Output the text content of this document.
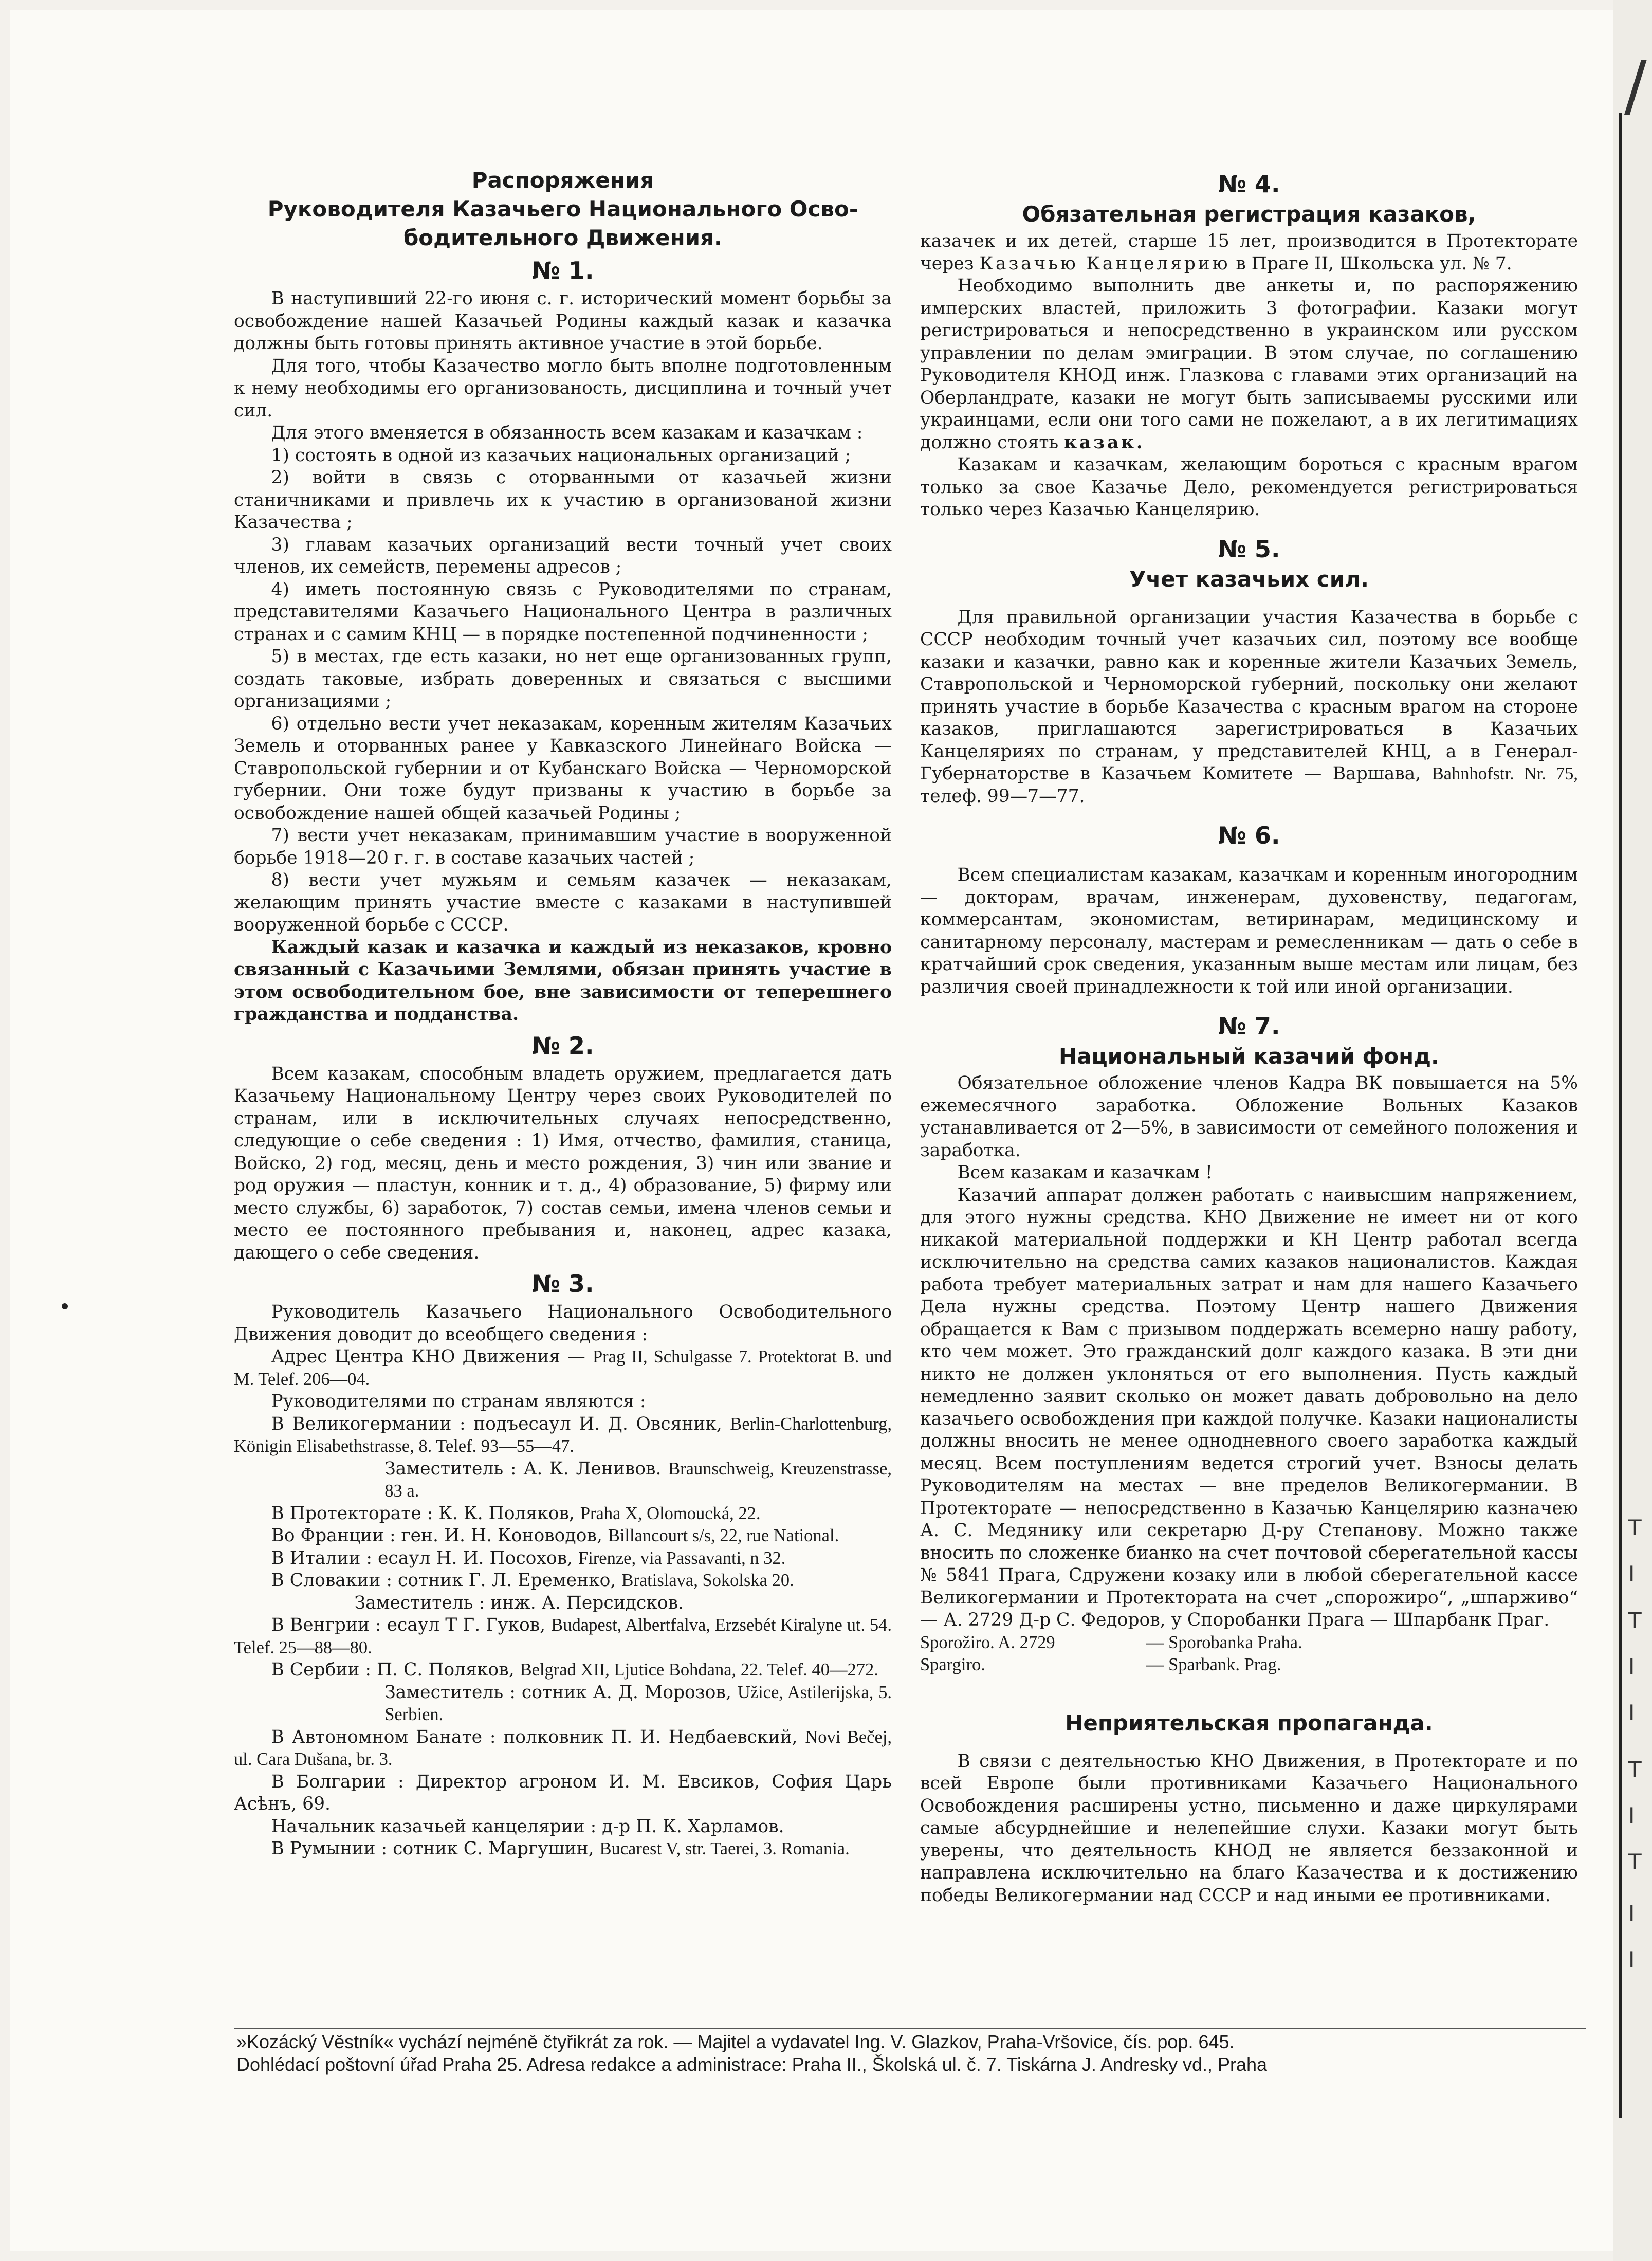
/
T
I
T
I
I
T
I
T
I
I
Распоряжения
Руководителя Казачьего Национального Осво-
бодительного Движения.
№ 1.

В наступивший 22-го июня с. г. исторический момент борьбы за освобождение нашей Казачьей Родины каждый казак и казачка должны быть готовы принять активное участие в этой борьбе.

Для того, чтобы Казачество могло быть вполне подготовленным к нему необходимы его организованость, дисциплина и точный учет сил.

Для этого вменяется в обязанность всем казакам и казачкам :

1) состоять в одной из казачьих национальных организаций ;

2) войти в связь с оторванными от казачьей жизни станичниками и привлечь их к участию в организованой жизни Казачества ;

3) главам казачьих организаций вести точный учет своих членов, их семейств, перемены адресов ;

4) иметь постоянную связь с Руководителями по странам, представителями Казачьего Национального Центра в различных странах и с самим КНЦ — в порядке постепенной подчиненности ;

5) в местах, где есть казаки, но нет еще организованных групп, создать таковые, избрать доверенных и связаться с высшими организациями ;

6) отдельно вести учет неказакам, коренным жителям Казачьих Земель и оторванных ранее у Кавказского Линейнаго Войска — Ставропольской губернии и от Кубанскаго Войска — Черноморской губернии. Они тоже будут призваны к участию в борьбе за освобождение нашей общей казачьей Родины ;

7) вести учет неказакам, принимавшим участие в вооруженной борьбе 1918—20 г. г. в составе казачьих частей ;

8) вести учет мужьям и семьям казачек — неказакам, желающим принять участие вместе с казаками в наступившей вооруженной борьбе с СССР.

Каждый казак и казачка и каждый из неказаков, кровно связанный с Казачьими Землями, обязан принять участие в этом освободительном бое, вне зависимости от теперешнего гражданства и подданства.

№ 2.

Всем казакам, способным владеть оружием, предлагается дать Казачьему Национальному Центру через своих Руководителей по странам, или в исключительных случаях непосредственно, следующие о себе сведения : 1) Имя, отчество, фамилия, станица, Войско, 2) год, месяц, день и место рождения, 3) чин или звание и род оружия — пластун, конник и т. д., 4) образование, 5) фирму или место службы, 6) заработок, 7) состав семьи, имена членов семьи и место ее постоянного пребывания и, наконец, адрес казака, дающего о себе сведения.

№ 3.

Руководитель Казачьего Национального Освободительного Движения доводит до всеобщего сведения :

Адрес Центра КНО Движения — Prag II, Schulgasse 7. Protektorat B. und M. Telef. 206—04.

Руководителями по странам являются :

В Великогермании : подъесаул И. Д. Овсяник, Berlin-Charlottenburg, Königin Elisabethstrasse, 8. Telef. 93—55—47.

Заместитель : А. К. Ленивов. Braunschweig, Kreuzenstrasse, 83 a.

В Протекторате : К. К. Поляков, Praha X, Olomoucká, 22.

Во Франции : ген. И. Н. Коноводов, Billancourt s/s, 22, rue National.

В Италии : есаул Н. И. Посохов, Firenze, via Passavanti, n 32.

В Словакии : сотник Г. Л. Еременко, Bratislava, Sokolska 20.

Заместитель : инж. А. Персидсков.

В Венгрии : есаул Т Г. Гуков, Budapest, Albertfalva, Erzsebét Kiralyne ut. 54. Telef. 25—88—80.

В Сербии : П. С. Поляков, Belgrad XII, Ljutice Bohdana, 22. Telef. 40—272.

Заместитель : сотник А. Д. Морозов, Užice, Astilerijska, 5. Serbien.

В Автономном Банате : полковник П. И. Недбаевский, Novi Bečej, ul. Cara Dušana, br. 3.

В Болгарии : Директор агроном И. М. Евсиков, София Царь Асѣнъ, 69.

Начальник казачьей канцелярии : д-р П. К. Харламов.

В Румынии : сотник С. Маргушин, Bucarest V, str. Taerei, 3. Romania.

№ 4.
Обязательная регистрация казаков,

казачек и их детей, старше 15 лет, производится в Протекторате через Казачью Канцелярию в Праге II, Школьска ул. № 7.

Необходимо выполнить две анкеты и, по распоряжению имперских властей, приложить 3 фотографии. Казаки могут регистрироваться и непосредственно в украинском или русском управлении по делам эмиграции. В этом случае, по соглашению Руководителя КНОД инж. Глазкова с главами этих организаций на Оберландрате, казаки не могут быть записываемы русскими или украинцами, если они того сами не пожелают, а в их легитимациях должно стоять казак.

Казакам и казачкам, желающим бороться с красным врагом только за свое Казачье Дело, рекомендуется регистрироваться только через Казачью Канцелярию.

№ 5.
Учет казачьих сил.

Для правильной организации участия Казачества в борьбе с СССР необходим точный учет казачьих сил, поэтому все вообще казаки и казачки, равно как и коренные жители Казачьих Земель, Ставропольской и Черноморской губерний, поскольку они желают принять участие в борьбе Казачества с красным врагом на стороне казаков, приглашаются зарегистрироваться в Казачьих Канцеляриях по странам, у представителей КНЦ, а в Генерал-Губернаторстве в Казачьем Комитете — Варшава, Bahnhofstr. Nr. 75, телеф. 99—7—77.

№ 6.

Всем специалистам казакам, казачкам и коренным иногородним — докторам, врачам, инженерам, духовенству, педагогам, коммерсантам, экономистам, ветиринарам, медицинскому и санитарному персоналу, мастерам и ремесленникам — дать о себе в кратчайший срок сведения, указанным выше местам или лицам, без различия своей принадлежности к той или иной организации.

№ 7.
Национальный казачий фонд.

Обязательное обложение членов Кадра ВК повышается на 5% ежемесячного заработка. Обложение Вольных Казаков устанавливается от 2—5%, в зависимости от семейного положения и заработка.

Всем казакам и казачкам !

Казачий аппарат должен работать с наивысшим напряжением, для этого нужны средства. КНО Движение не имеет ни от кого никакой материальной поддержки и КН Центр работал всегда исключительно на средства самих казаков националистов. Каждая работа требует материальных затрат и нам для нашего Казачьего Дела нужны средства. Поэтому Центр нашего Движения обращается к Вам с призывом поддержать всемерно нашу работу, кто чем может. Это гражданский долг каждого казака. В эти дни никто не должен уклоняться от его выполнения. Пусть каждый немедленно заявит сколько он может давать добровольно на дело казачьего освобождения при каждой получке. Казаки националисты должны вносить не менее однодневного своего заработка каждый месяц. Всем поступлениям ведется строгий учет. Взносы делать Руководителям на местах — вне пределов Великогермании. В Протекторате — непосредственно в Казачью Канцелярию казначею А. С. Медянику или секретарю Д-ру Степанову. Можно также вносить по сложенке бианко на счет почтовой сберегательной кассы № 5841 Прага, Сдружени козаку или в любой сберегательной кассе Великогермании и Протектората на счет „спорожиро“, „шпарживо“ — А. 2729 Д-р С. Федоров, у Споробанки Прага — Шпарбанк Праг.

Sporožiro. A. 2729	— Sporobanka Praha.

Spargiro.	— Sparbank. Prag.

Неприятельская пропаганда.

В связи с деятельностью КНО Движения, в Протекторате и по всей Европе были противниками Казачьего Национального Освобождения расширены устно, письменно и даже циркулярами самые абсурднейшие и нелепейшие слухи. Казаки могут быть уверены, что деятельность КНОД не является беззаконной и направлена исключительно на благо Казачества и к достижению победы Великогермании над СССР и над иными ее противниками.

»Kozácký Věstník« vychází nejméně čtyřikrát za rok. — Majitel a vydavatel Ing. V. Glazkov, Praha-Vršovice, čís. pop. 645.
Dohlédací poštovní úřad Praha 25. Adresa redakce a administrace: Praha II., Školská ul. č. 7. Tiskárna J. Andresky vd., Praha
